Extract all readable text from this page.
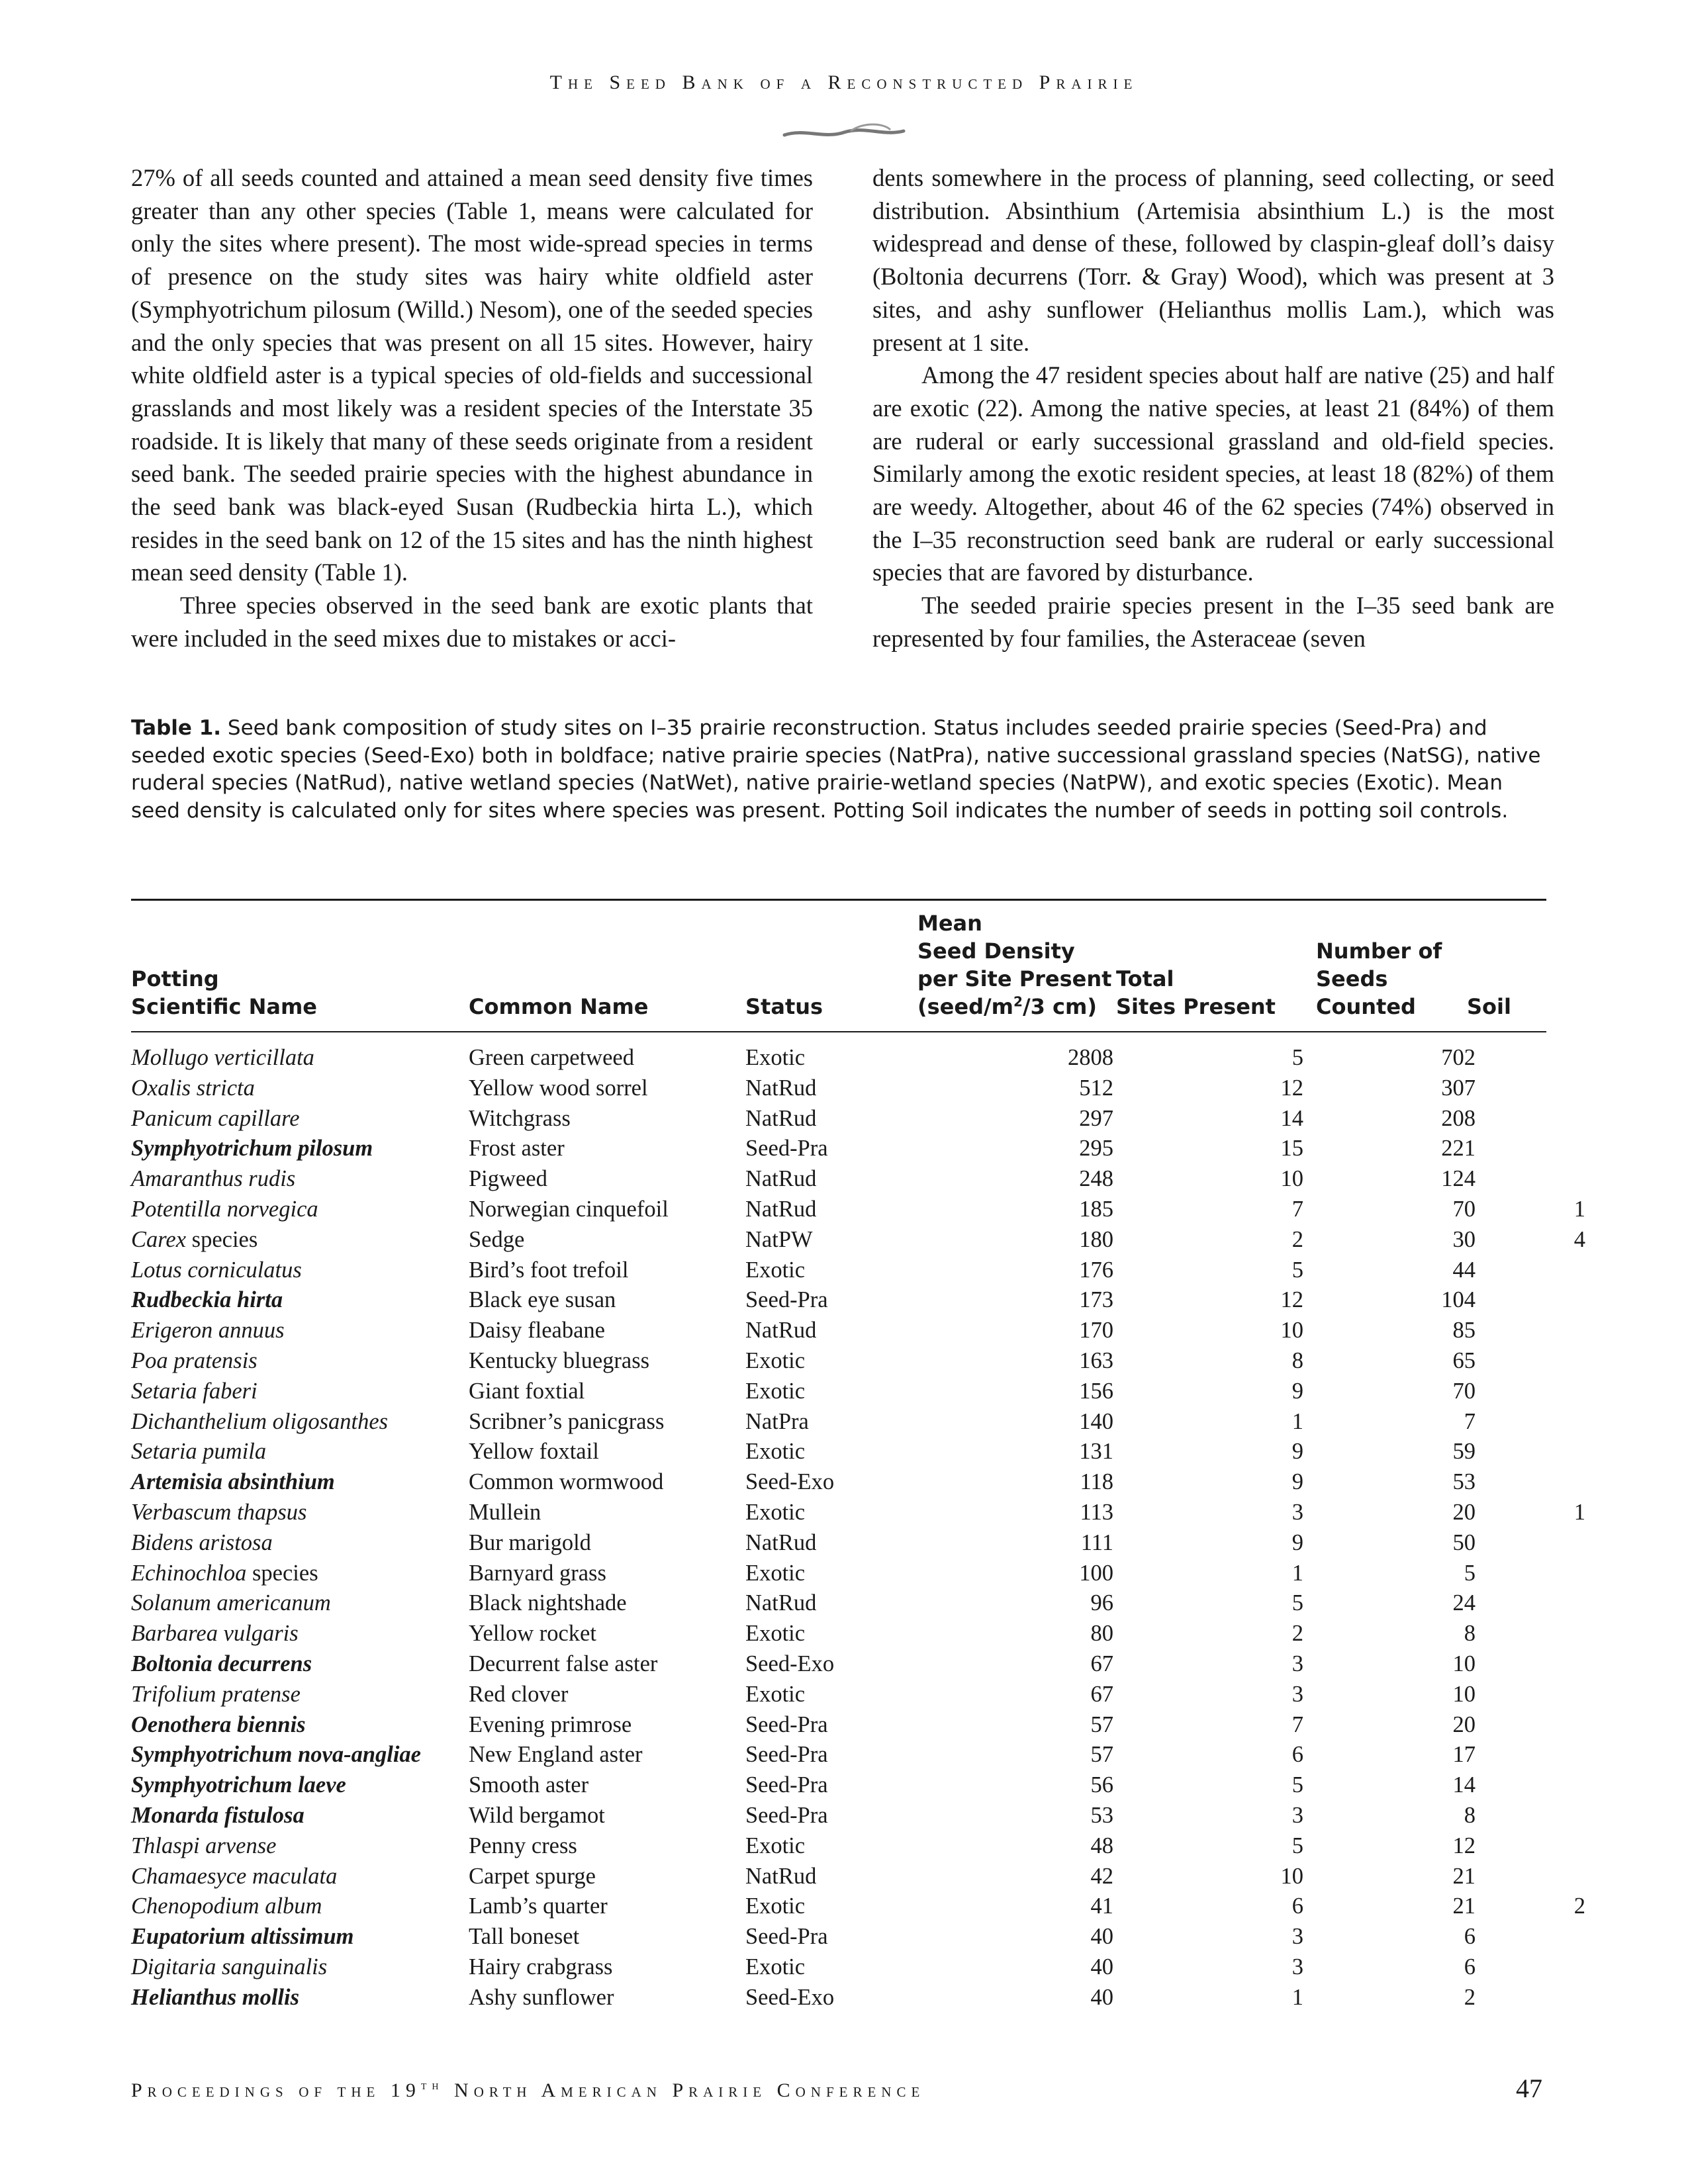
The Seed Bank of a Reconstructed Prairie

27% of all seeds counted and attained a mean seed density five times greater than any other species (Table 1, means were calculated for only the sites where present). The most wide-spread species in terms of presence on the study sites was hairy white oldfield aster (Symphyotrichum pilosum (Willd.) Nesom), one of the seeded species and the only species that was present on all 15 sites. However, hairy white oldfield aster is a typical species of old-fields and successional grasslands and most likely was a resident species of the Interstate 35 roadside. It is likely that many of these seeds originate from a resident seed bank. The seeded prairie species with the highest abundance in the seed bank was black-eyed Susan (Rudbeckia hirta L.), which resides in the seed bank on 12 of the 15 sites and has the ninth highest mean seed density (Table 1).

Three species observed in the seed bank are exotic plants that were included in the seed mixes due to mistakes or acci-

dents somewhere in the process of planning, seed collecting, or seed distribution. Absinthium (Artemisia absinthium L.) is the most widespread and dense of these, followed by claspin-gleaf doll’s daisy (Boltonia decurrens (Torr. & Gray) Wood), which was present at 3 sites, and ashy sunflower (Helianthus mollis Lam.), which was present at 1 site.

Among the 47 resident species about half are native (25) and half are exotic (22). Among the native species, at least 21 (84%) of them are ruderal or early successional grassland and old-field species. Similarly among the exotic resident species, at least 18 (82%) of them are weedy. Altogether, about 46 of the 62 species (74%) observed in the I–35 reconstruction seed bank are ruderal or early successional species that are favored by disturbance.

The seeded prairie species present in the I–35 seed bank are represented by four families, the Asteraceae (seven

Table 1. Seed bank composition of study sites on I–35 prairie reconstruction. Status includes seeded prairie species (Seed-Pra) and seeded exotic species (Seed-Exo) both in boldface; native prairie species (NatPra), native successional grassland species (NatSG), native ruderal species (NatRud), native wetland species (NatWet), native prairie-wetland species (NatPW), and exotic species (Exotic). Mean seed density is calculated only for sites where species was present. Potting Soil indicates the number of seeds in potting soil controls.
Potting
Scientific Name	Common Name	Status
Mean
Seed Density
per Site Present
($seed/m^2/3$ cm)
Total
Sites Present
Number of
Seeds
Counted	Soil
Mollugo verticillata	Green carpetweed	Exotic	2808	5	702	
Oxalis stricta	Yellow wood sorrel	NatRud	512	12	307	
Panicum capillare	Witchgrass	NatRud	297	14	208	
Symphyotrichum pilosum	Frost aster	Seed-Pra	295	15	221	
Amaranthus rudis	Pigweed	NatRud	248	10	124	
Potentilla norvegica	Norwegian cinquefoil	NatRud	185	7	70	1
Carex species	Sedge	NatPW	180	2	30	4
Lotus corniculatus	Bird’s foot trefoil	Exotic	176	5	44	
Rudbeckia hirta	Black eye susan	Seed-Pra	173	12	104	
Erigeron annuus	Daisy fleabane	NatRud	170	10	85	
Poa pratensis	Kentucky bluegrass	Exotic	163	8	65	
Setaria faberi	Giant foxtial	Exotic	156	9	70	
Dichanthelium oligosanthes	Scribner’s panicgrass	NatPra	140	1	7	
Setaria pumila	Yellow foxtail	Exotic	131	9	59	
Artemisia absinthium	Common wormwood	Seed-Exo	118	9	53	
Verbascum thapsus	Mullein	Exotic	113	3	20	1
Bidens aristosa	Bur marigold	NatRud	111	9	50	
Echinochloa species	Barnyard grass	Exotic	100	1	5	
Solanum americanum	Black nightshade	NatRud	96	5	24	
Barbarea vulgaris	Yellow rocket	Exotic	80	2	8	
Boltonia decurrens	Decurrent false aster	Seed-Exo	67	3	10	
Trifolium pratense	Red clover	Exotic	67	3	10	
Oenothera biennis	Evening primrose	Seed-Pra	57	7	20	
Symphyotrichum nova-angliae	New England aster	Seed-Pra	57	6	17	
Symphyotrichum laeve	Smooth aster	Seed-Pra	56	5	14	
Monarda fistulosa	Wild bergamot	Seed-Pra	53	3	8	
Thlaspi arvense	Penny cress	Exotic	48	5	12	
Chamaesyce maculata	Carpet spurge	NatRud	42	10	21	
Chenopodium album	Lamb’s quarter	Exotic	41	6	21	2
Eupatorium altissimum	Tall boneset	Seed-Pra	40	3	6	
Digitaria sanguinalis	Hairy crabgrass	Exotic	40	3	6	
Helianthus mollis	Ashy sunflower	Seed-Exo	40	1	2	
Proceedings of the 19th North American Prairie Conference	47
